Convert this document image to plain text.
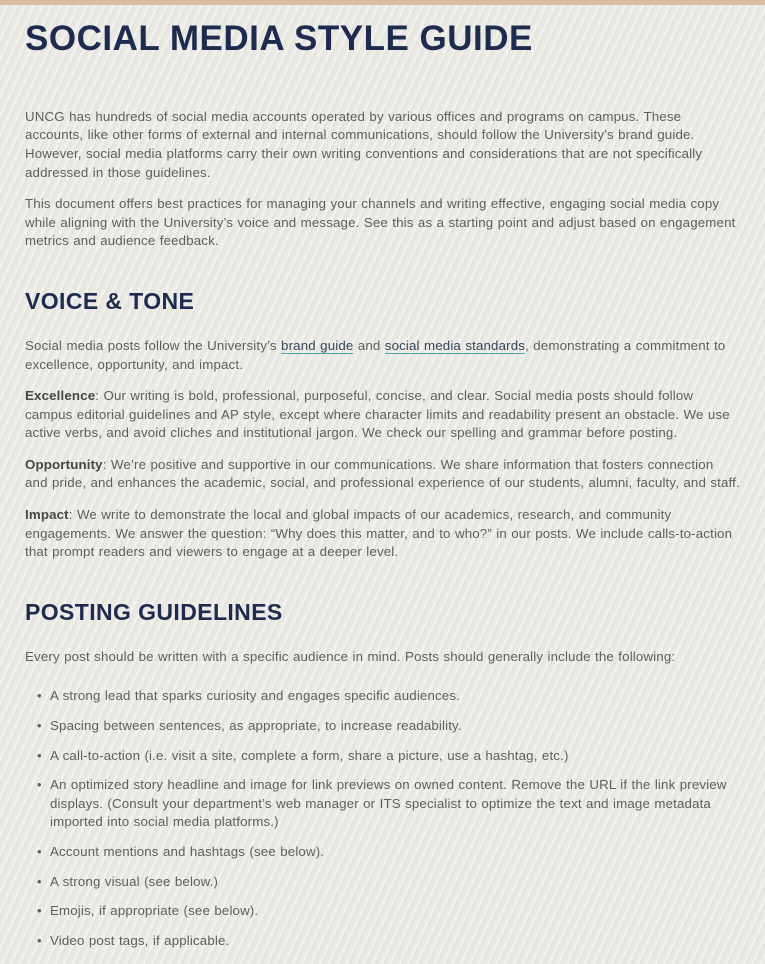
SOCIAL MEDIA STYLE GUIDE

UNCG has hundreds of social media accounts operated by various offices and programs on campus. These accounts, like other forms of external and internal communications, should follow the University’s brand guide. However, social media platforms carry their own writing conventions and considerations that are not specifically addressed in those guidelines.

This document offers best practices for managing your channels and writing effective, engaging social media copy while aligning with the University’s voice and message. See this as a starting point and adjust based on engagement metrics and audience feedback.

VOICE & TONE

Social media posts follow the University’s brand guide and social media standards, demonstrating a commitment to excellence, opportunity, and impact.

Excellence: Our writing is bold, professional, purposeful, concise, and clear. Social media posts should follow campus editorial guidelines and AP style, except where character limits and readability present an obstacle. We use active verbs, and avoid cliches and institutional jargon. We check our spelling and grammar before posting.

Opportunity: We’re positive and supportive in our communications. We share information that fosters connection and pride, and enhances the academic, social, and professional experience of our students, alumni, faculty, and staff.

Impact: We write to demonstrate the local and global impacts of our academics, research, and community engagements. We answer the question: “Why does this matter, and to who?” in our posts. We include calls-to-action that prompt readers and viewers to engage at a deeper level.

POSTING GUIDELINES

Every post should be written with a specific audience in mind. Posts should generally include the following:

• A strong lead that sparks curiosity and engages specific audiences.
• Spacing between sentences, as appropriate, to increase readability.
• A call-to-action (i.e. visit a site, complete a form, share a picture, use a hashtag, etc.)
• An optimized story headline and image for link previews on owned content. Remove the URL if the link preview displays. (Consult your department’s web manager or ITS specialist to optimize the text and image metadata imported into social media platforms.)
• Account mentions and hashtags (see below).
• A strong visual (see below.)
• Emojis, if appropriate (see below).
• Video post tags, if applicable.
